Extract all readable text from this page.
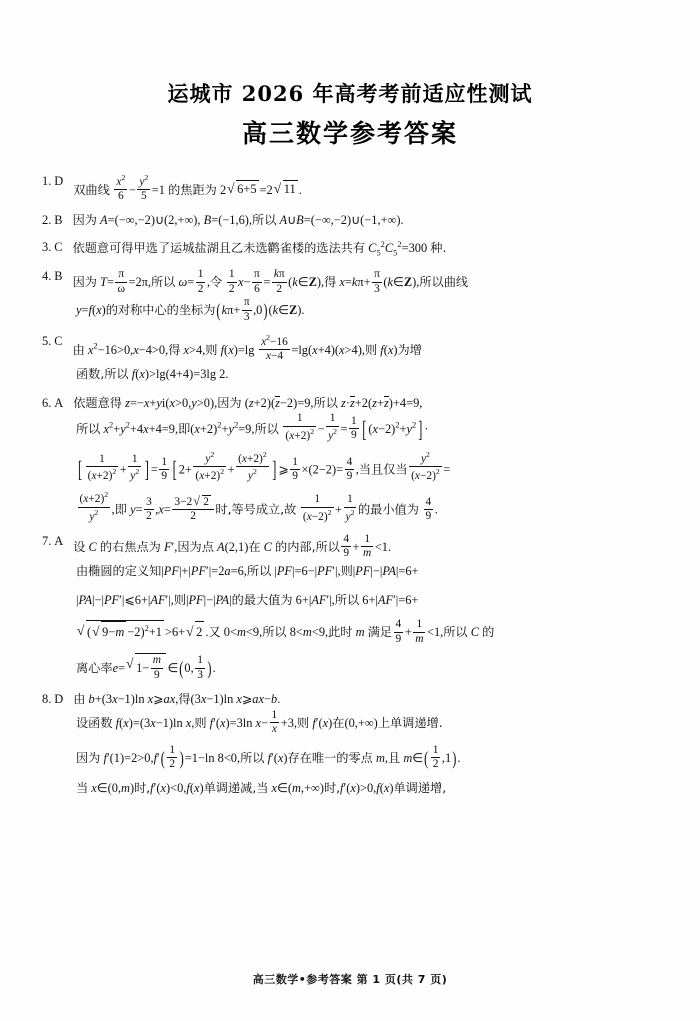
运城市 2026 年高考考前适应性测试
高三数学参考答案
1. D
双曲线 $\frac{x^2}{6} - \frac{y^2}{5} =1$ 的焦距为 2 √ 6+5 =2 √ 11 .
2. B 因为 A=(−∞,−2)∪(2,+∞), B=(−1,6),所以 A∪B=(−∞,−2)∪(−1,+∞).
3. C 依题意可得甲选了运城盐湖且乙未选鹳雀楼的选法共有 $C_5^2C_5^2=300$ 种.
4. B 因为 $T= \frac{\pi}{\omega} =2\pi$,所以 $\omega= \frac{1}{2}$ ,令 $\frac{1}{2} x- \frac{\pi}{6} = \frac{k\pi}{2}$ (k∈Z),得 $x=k\pi+ \frac{\pi}{3}$ (k∈Z),所以曲线
y=f(x)的对称中心的坐标为($k\pi+ \frac{\pi}{3}$ ,0)(k∈Z).
5. C
由 $x^2-16>0,x-4>0$,得 x>4,则 $f(x)=\lg \frac{x^2-16}{x-4} =\lg(x+4)(x>4)$,则 f(x)为增
函数,所以 f(x)>lg(4+4)=3lg 2.
6. A 依题意得 z=−x+yi(x>0,y>0),因为 (z+2)(z−2)=9,所以 z·z+2(z+z)+4=9,
所以 $x^2+y^2+4x+4=9$,即$(x+2)^2+y^2=9$,所以 $\frac{1}{(x+2)^2} - \frac{1}{y^2} = \frac{1}{9}$ [ $(x-2)^2+y^2$ ] ·
[ $\frac{1}{(x+2)^2} + \frac{1}{y^2}$ ] = $\frac{1}{9}$ [ $2+ \frac{y^2}{(x+2)^2} + \frac{(x+2)^2}{y^2}$ ] ⩾ $\frac{1}{9} \times(2-2)= \frac{4}{9}$ ,当且仅当 $\frac{y^2}{(x-2)^2}$ =
$\frac{(x+2)^2}{y^2}$ ,即 $y= \frac{3}{2} ,x= \frac{3-2 √ 2}{2}$ 时,等号成立,故 $\frac{1}{(x-2)^2} + \frac{1}{y^2}$ 的最小值为 $\frac{4}{9}$ .
7. A 设 C 的右焦点为 F′,因为点 A(2,1)在 C 的内部,所以 $\frac{4}{9} + \frac{1}{m} <1$.
由椭圆的定义知|PF|+|PF′|=2a=6,所以 |PF|=6−|PF′|,则|PF|−|PA|=6+
|PA|−|PF′|⩽6+|AF′|,则|PF|−|PA|的最大值为 6+|AF′|,所以 6+|AF′|=6+
√ ( √ 9−m −2)$^2$+1 >6+ √ 2 .又 0<m<9,所以 8<m<9,此时 m 满足 $\frac{4}{9} + \frac{1}{m} <1$,所以 C 的
离心率e= √ $1- \frac{m}{9}$ ∈(0, $\frac{1}{3}$ ).
8. D 由 b+(3x−1)ln x⩾ax,得(3x−1)ln x⩾ax−b.
设函数 f(x)=(3x−1)ln x,则 f′(x)=3ln $x- \frac{1}{x} +3$,则 f′(x)在(0,+∞)上单调递增.
因为 $f'(1)=2>0,f'( \frac{1}{2} )=1-\ln$ 8<0,所以 f′(x)存在唯一的零点 m,且 m∈( $\frac{1}{2} ,1$).
当 x∈(0,m)时,f′(x)<0,f(x)单调递减,当 x∈(m,+∞)时,f′(x)>0,f(x)单调递增,
高三数学•参考答案 第 1 页(共 7 页)
